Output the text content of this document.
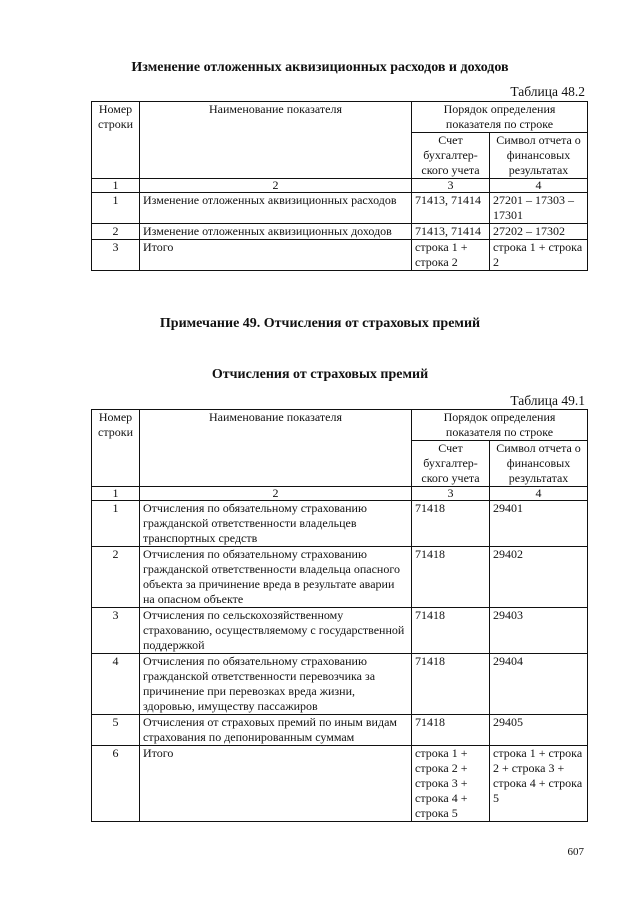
Изменение отложенных аквизиционных расходов и доходов
Таблица 48.2
Номер строки	Наименование показателя	Порядок определения показателя по строке	
		Счет бухгалтер-ского учета	Символ отчета о финансовых результатах
1	2	3	4
1	Изменение отложенных аквизиционных расходов	71413, 71414	27201 – 17303 – 17301
2	Изменение отложенных аквизиционных доходов	71413, 71414	27202 – 17302
3	Итого	строка 1 + строка 2	строка 1 + строка 2
Примечание 49. Отчисления от страховых премий
Отчисления от страховых премий
Таблица 49.1
Номер строки	Наименование показателя	Порядок определения показателя по строке	
		Счет бухгалтер-ского учета	Символ отчета о финансовых результатах
1	2	3	4
1	Отчисления по обязательному страхованию гражданской ответственности владельцев транспортных средств	71418	29401
2	Отчисления по обязательному страхованию гражданской ответственности владельца опасного объекта за причинение вреда в результате аварии на опасном объекте	71418	29402
3	Отчисления по сельскохозяйственному страхованию, осуществляемому с государственной поддержкой	71418	29403
4	Отчисления по обязательному страхованию гражданской ответственности перевозчика за причинение при перевозках вреда жизни, здоровью, имуществу пассажиров	71418	29404
5	Отчисления от страховых премий по иным видам страхования по депонированным суммам	71418	29405
6	Итого	строка 1 + строка 2 + строка 3 + строка 4 + строка 5	строка 1 + строка 2 + строка 3 + строка 4 + строка 5
607
